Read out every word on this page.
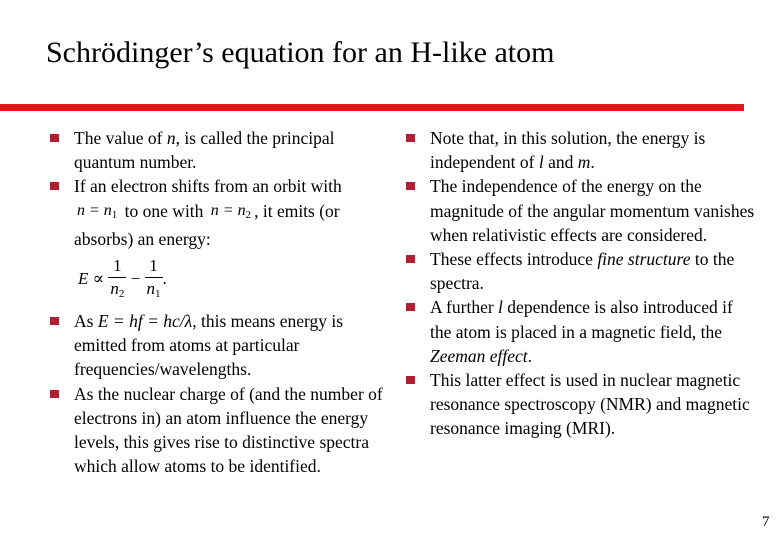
Schrödinger’s equation for an H-like atom
The value of n, is called the principal quantum number.
If an electron shifts from an orbit with $n = n_1$ to one with $n = n_2$ , it emits (or absorbs) an energy:
$E \propto \frac{1}{n_2} - \frac{1}{n_1}$ .
As E = hf = hc/λ, this means energy is emitted from atoms at particular frequencies/wavelengths.
As the nuclear charge of (and the number of electrons in) an atom influence the energy levels, this gives rise to distinctive spectra which allow atoms to be identified.
Note that, in this solution, the energy is independent of l and m.
The independence of the energy on the magnitude of the angular momentum vanishes when relativistic effects are considered.
These effects introduce fine structure to the spectra.
A further l dependence is also introduced if the atom is placed in a magnetic field, the Zeeman effect.
This latter effect is used in nuclear magnetic resonance spectroscopy (NMR) and magnetic resonance imaging (MRI).
7
